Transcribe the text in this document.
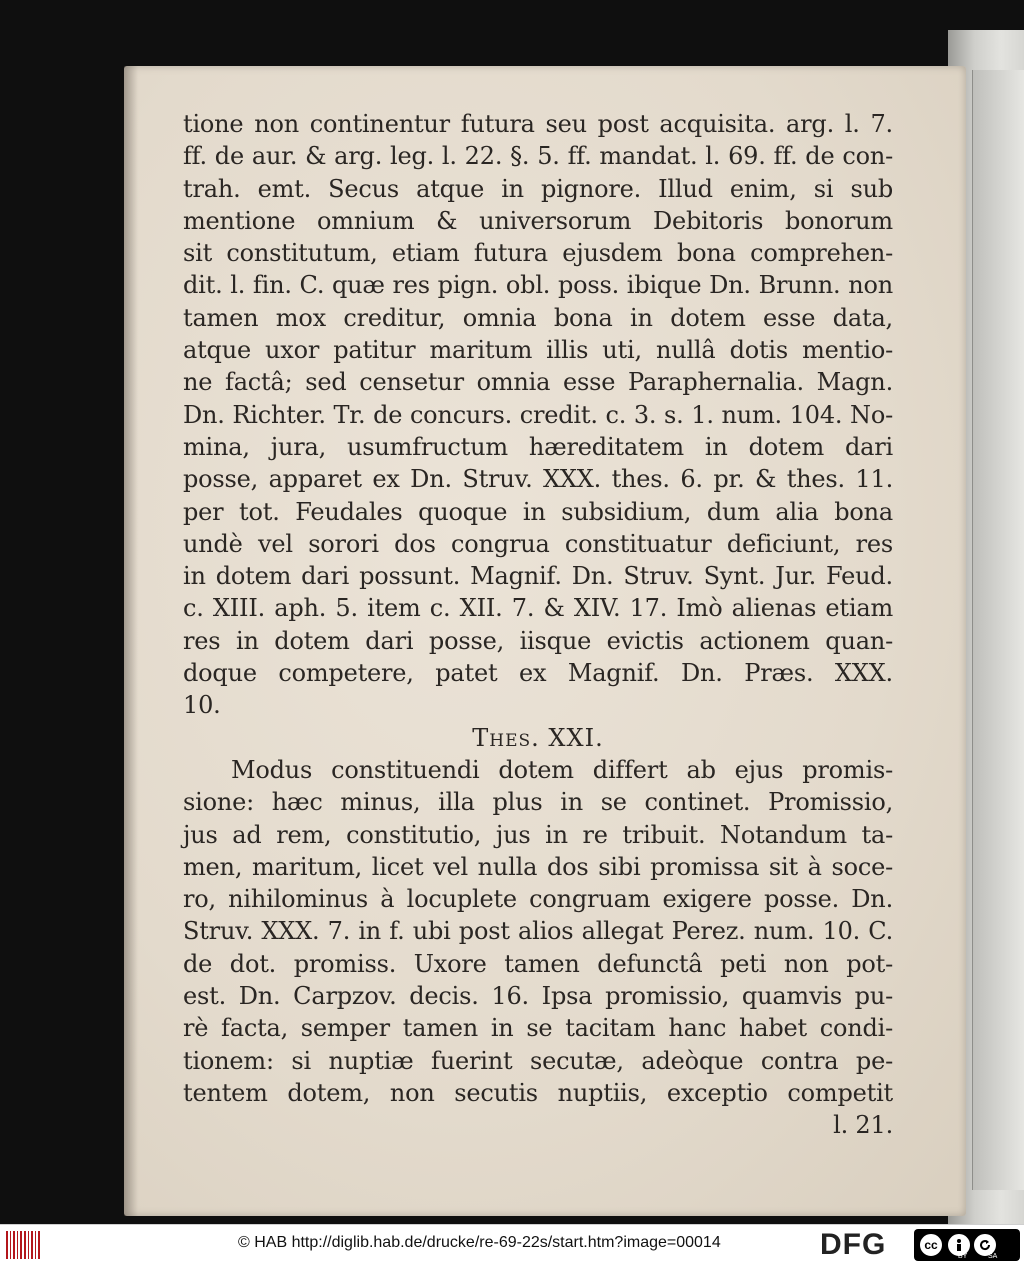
tione non continentur futura seu post acquisita. arg. l. 7.
ff. de aur. & arg. leg. l. 22. §. 5. ff. mandat. l. 69. ff. de con-
trah. emt. Secus atque in pignore. Illud enim, si sub
mentione omnium & universorum Debitoris bonorum
sit constitutum, etiam futura ejusdem bona comprehen-
dit. l. fin. C. quæ res pign. obl. poss. ibique Dn. Brunn. non
tamen mox creditur, omnia bona in dotem esse data,
atque uxor patitur maritum illis uti, nullâ dotis mentio-
ne factâ; sed censetur omnia esse Paraphernalia. Magn.
Dn. Richter. Tr. de concurs. credit. c. 3. s. 1. num. 104. No-
mina, jura, usumfructum hæreditatem in dotem dari
posse, apparet ex Dn. Struv. XXX. thes. 6. pr. & thes. 11.
per tot. Feudales quoque in subsidium, dum alia bona
undè vel sorori dos congrua constituatur deficiunt, res
in dotem dari possunt. Magnif. Dn. Struv. Synt. Jur. Feud.
c. XIII. aph. 5. item c. XII. 7. & XIV. 17. Imò alienas etiam
res in dotem dari posse, iisque evictis actionem quan-
doque competere, patet ex Magnif. Dn. Præs. XXX.
10.
Thes. XXI.
Modus constituendi dotem differt ab ejus promis-
sione: hæc minus, illa plus in se continet. Promissio,
jus ad rem, constitutio, jus in re tribuit. Notandum ta-
men, maritum, licet vel nulla dos sibi promissa sit à soce-
ro, nihilominus à locuplete congruam exigere posse. Dn.
Struv. XXX. 7. in f. ubi post alios allegat Perez. num. 10. C.
de dot. promiss. Uxore tamen defunctâ peti non pot-
est. Dn. Carpzov. decis. 16. Ipsa promissio, quamvis pu-
rè facta, semper tamen in se tacitam hanc habet condi-
tionem: si nuptiæ fuerint secutæ, adeòque contra pe-
tentem dotem, non secutis nuptiis, exceptio competit
l. 21.
© HAB http://diglib.hab.de/drucke/re-69-22s/start.htm?image=00014	DFG	cc
BY	SA
